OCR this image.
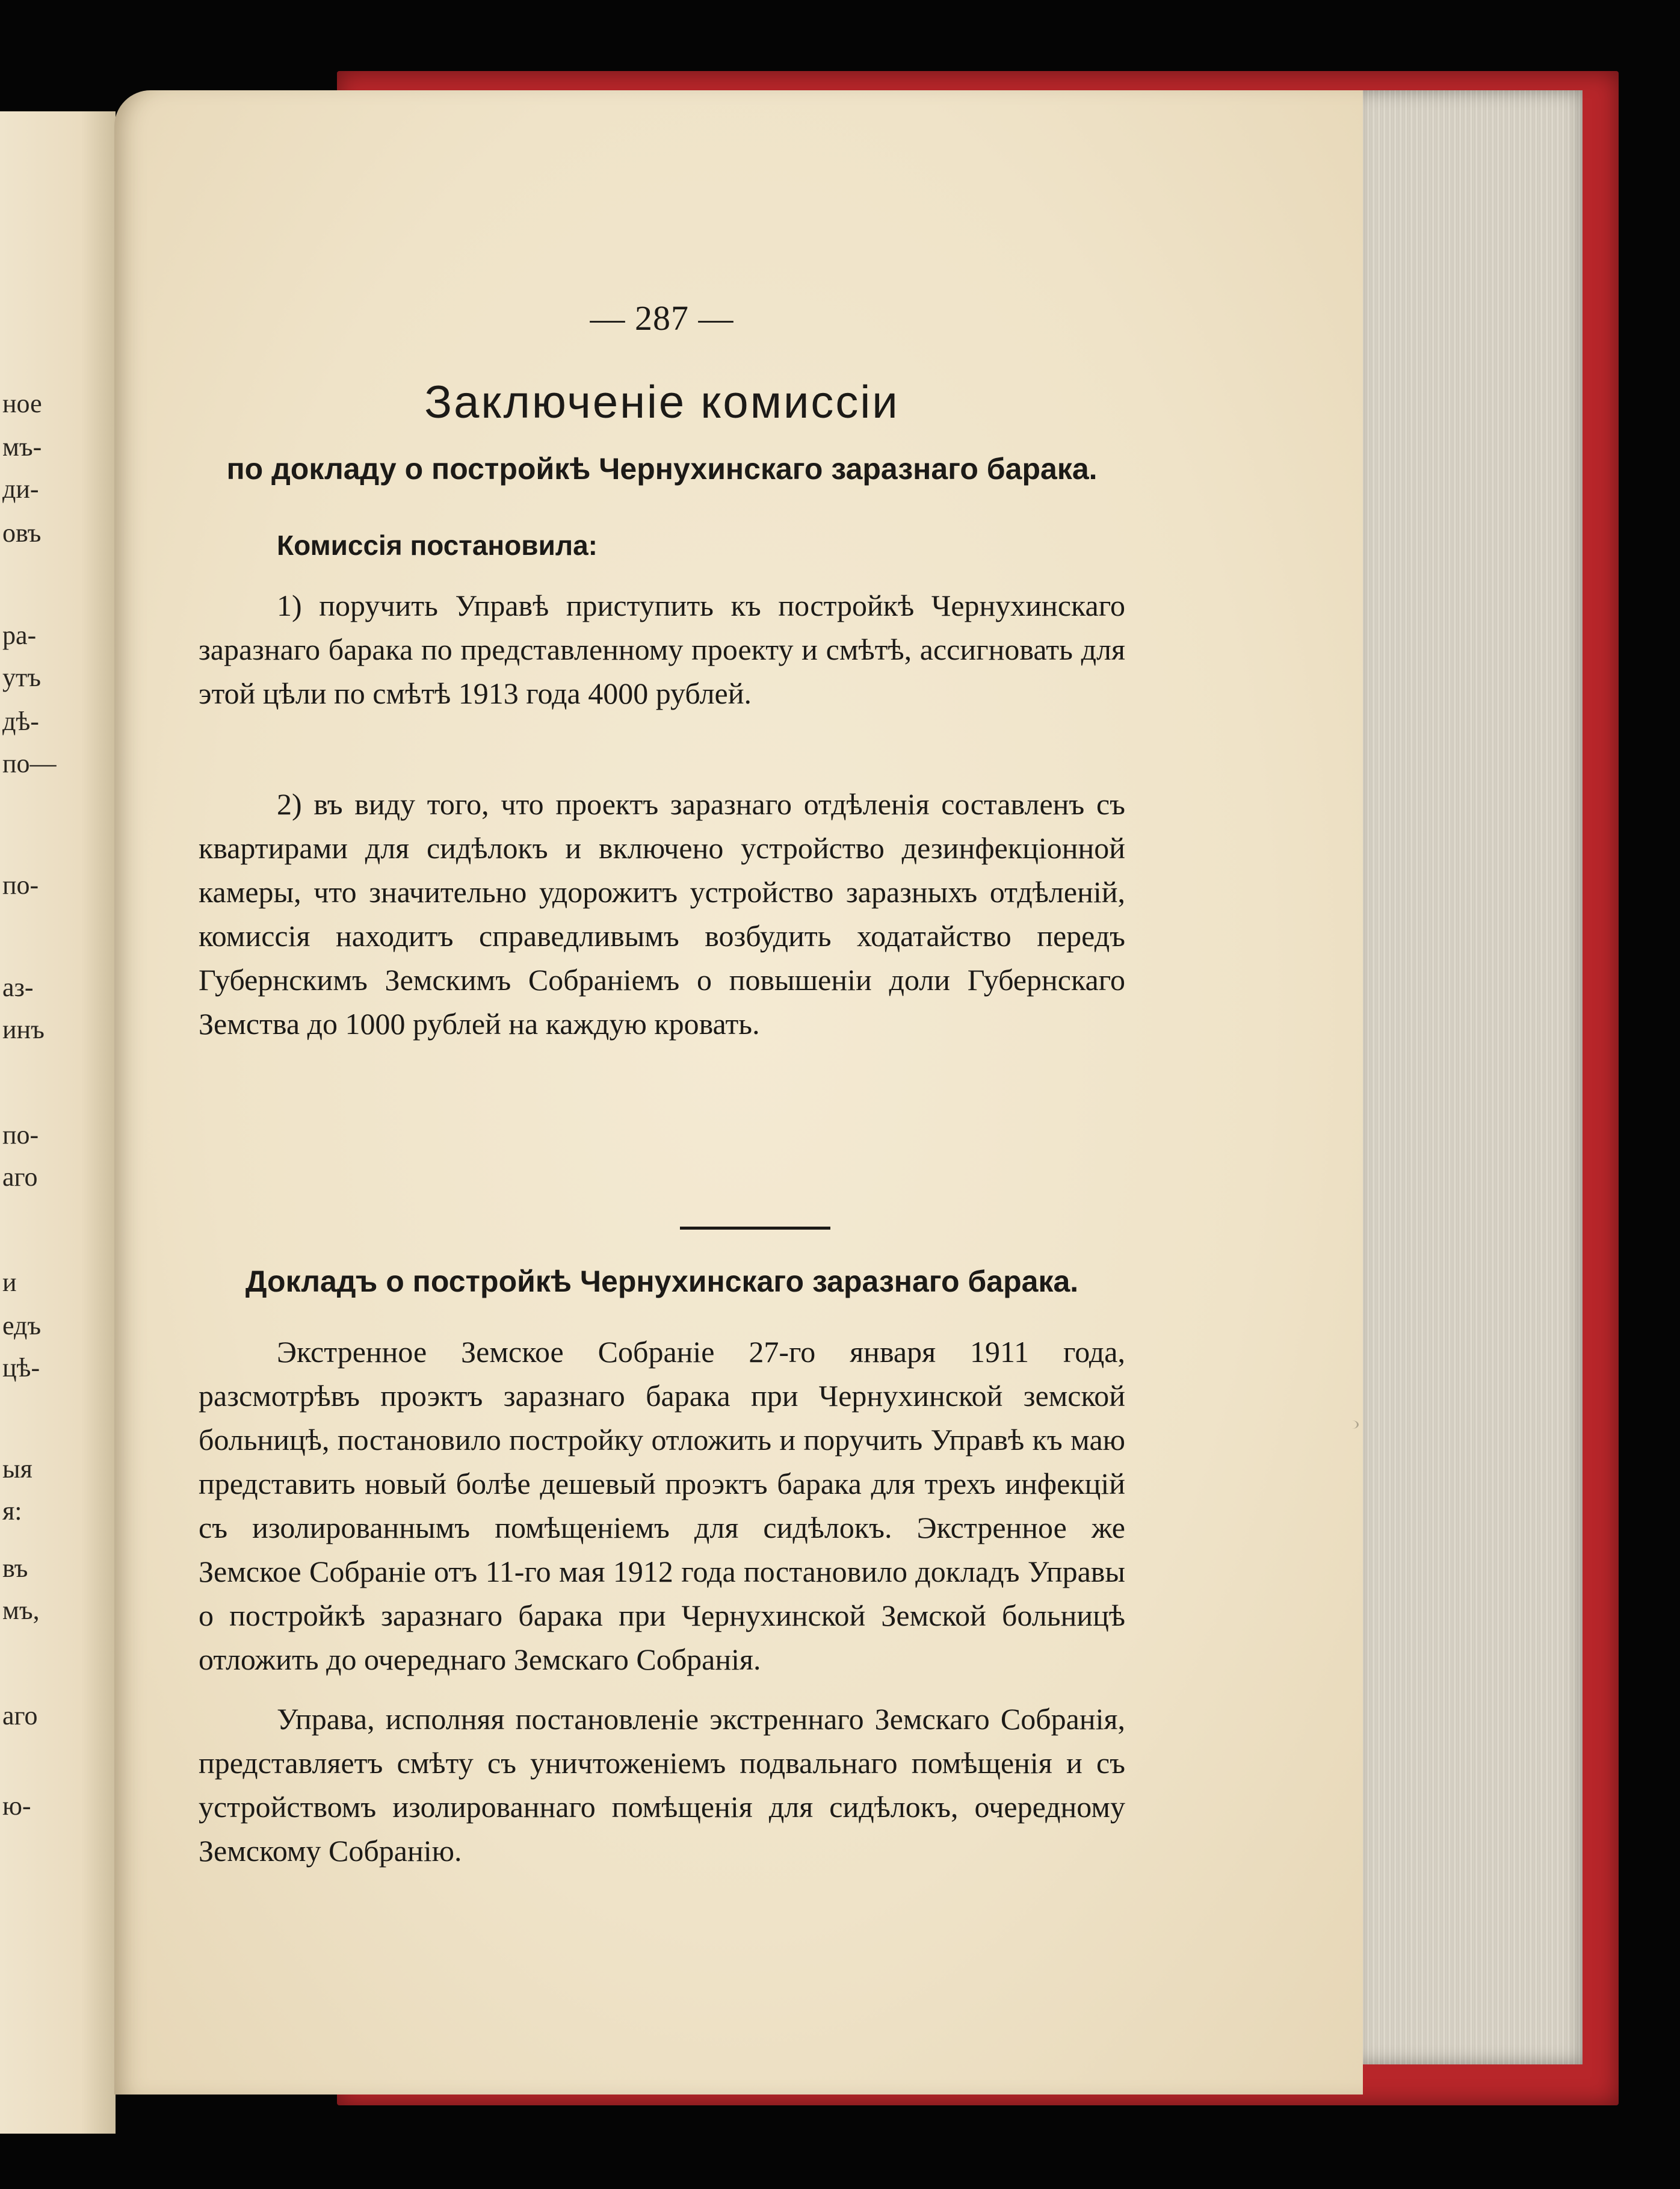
ное
мъ-
ди-
овъ
ра-
утъ
дѣ-
по—
по-
аз-
инъ
по-
аго
и
едъ
цѣ-
ыя
я:
въ
мъ,
аго
ю-
— 287 —
Заключеніе комиссіи
по докладу о постройкѣ Чернухинскаго заразнаго барака.
Комиссія постановила:
1) поручить Управѣ приступить къ постройкѣ Чернухинскаго заразнаго барака по представленному проекту и смѣтѣ, ассигновать для этой цѣли по смѣтѣ 1913 года 4000 рублей.
2) въ виду того, что проектъ заразнаго отдѣленія составленъ съ квартирами для сидѣлокъ и включено устройство дезинфекціонной камеры, что значительно удорожитъ устройство заразныхъ отдѣленій, комиссія находитъ справедливымъ возбудить ходатайство передъ Губернскимъ Земскимъ Собраніемъ о повышеніи доли Губернскаго Земства до 1000 рублей на каждую кровать.
Докладъ о постройкѣ Чернухинскаго заразнаго барака.
Экстренное Земское Собраніе 27-го января 1911 года, разсмотрѣвъ проэктъ заразнаго барака при Чернухинской земской больницѣ, постановило постройку отложить и поручить Управѣ къ маю представить новый болѣе дешевый проэктъ барака для трехъ инфекцій съ изолированнымъ помѣщеніемъ для сидѣлокъ. Экстренное же Земское Собраніе отъ 11-го мая 1912 года постановило докладъ Управы о постройкѣ заразнаго барака при Чернухинской Земской больницѣ отложить до очереднаго Земскаго Собранія.
Управа, исполняя постановленіе экстреннаго Земскаго Собранія, представляетъ смѣту съ уничтоженіемъ подвальнаго помѣщенія и съ устройствомъ изолированнаго помѣщенія для сидѣлокъ, очередному Земскому Собранію.
